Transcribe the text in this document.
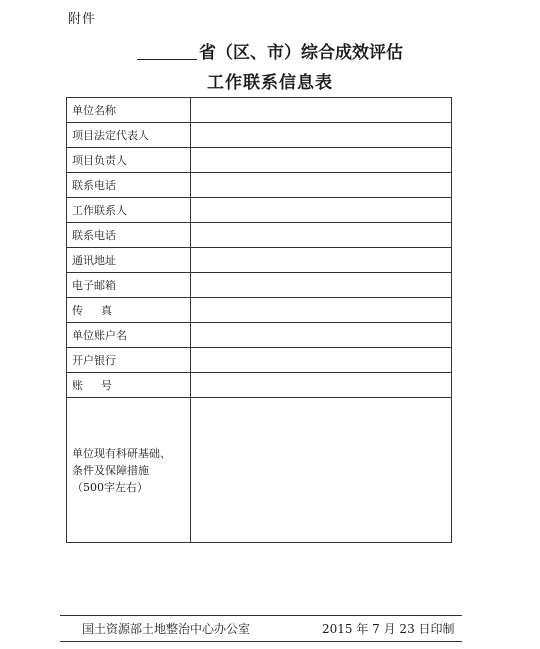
附件
省（区、市）综合成效评估
工作联系信息表
单位名称	
项目法定代表人	
项目负责人	
联系电话	
工作联系人	
联系电话	
通讯地址	
电子邮箱	
传真	
单位账户名	
开户银行	
账号	
单位现有科研基础、
条件及保障措施
（500字左右）	
国土资源部土地整治中心办公室	2015 年 7 月 23 日印制
